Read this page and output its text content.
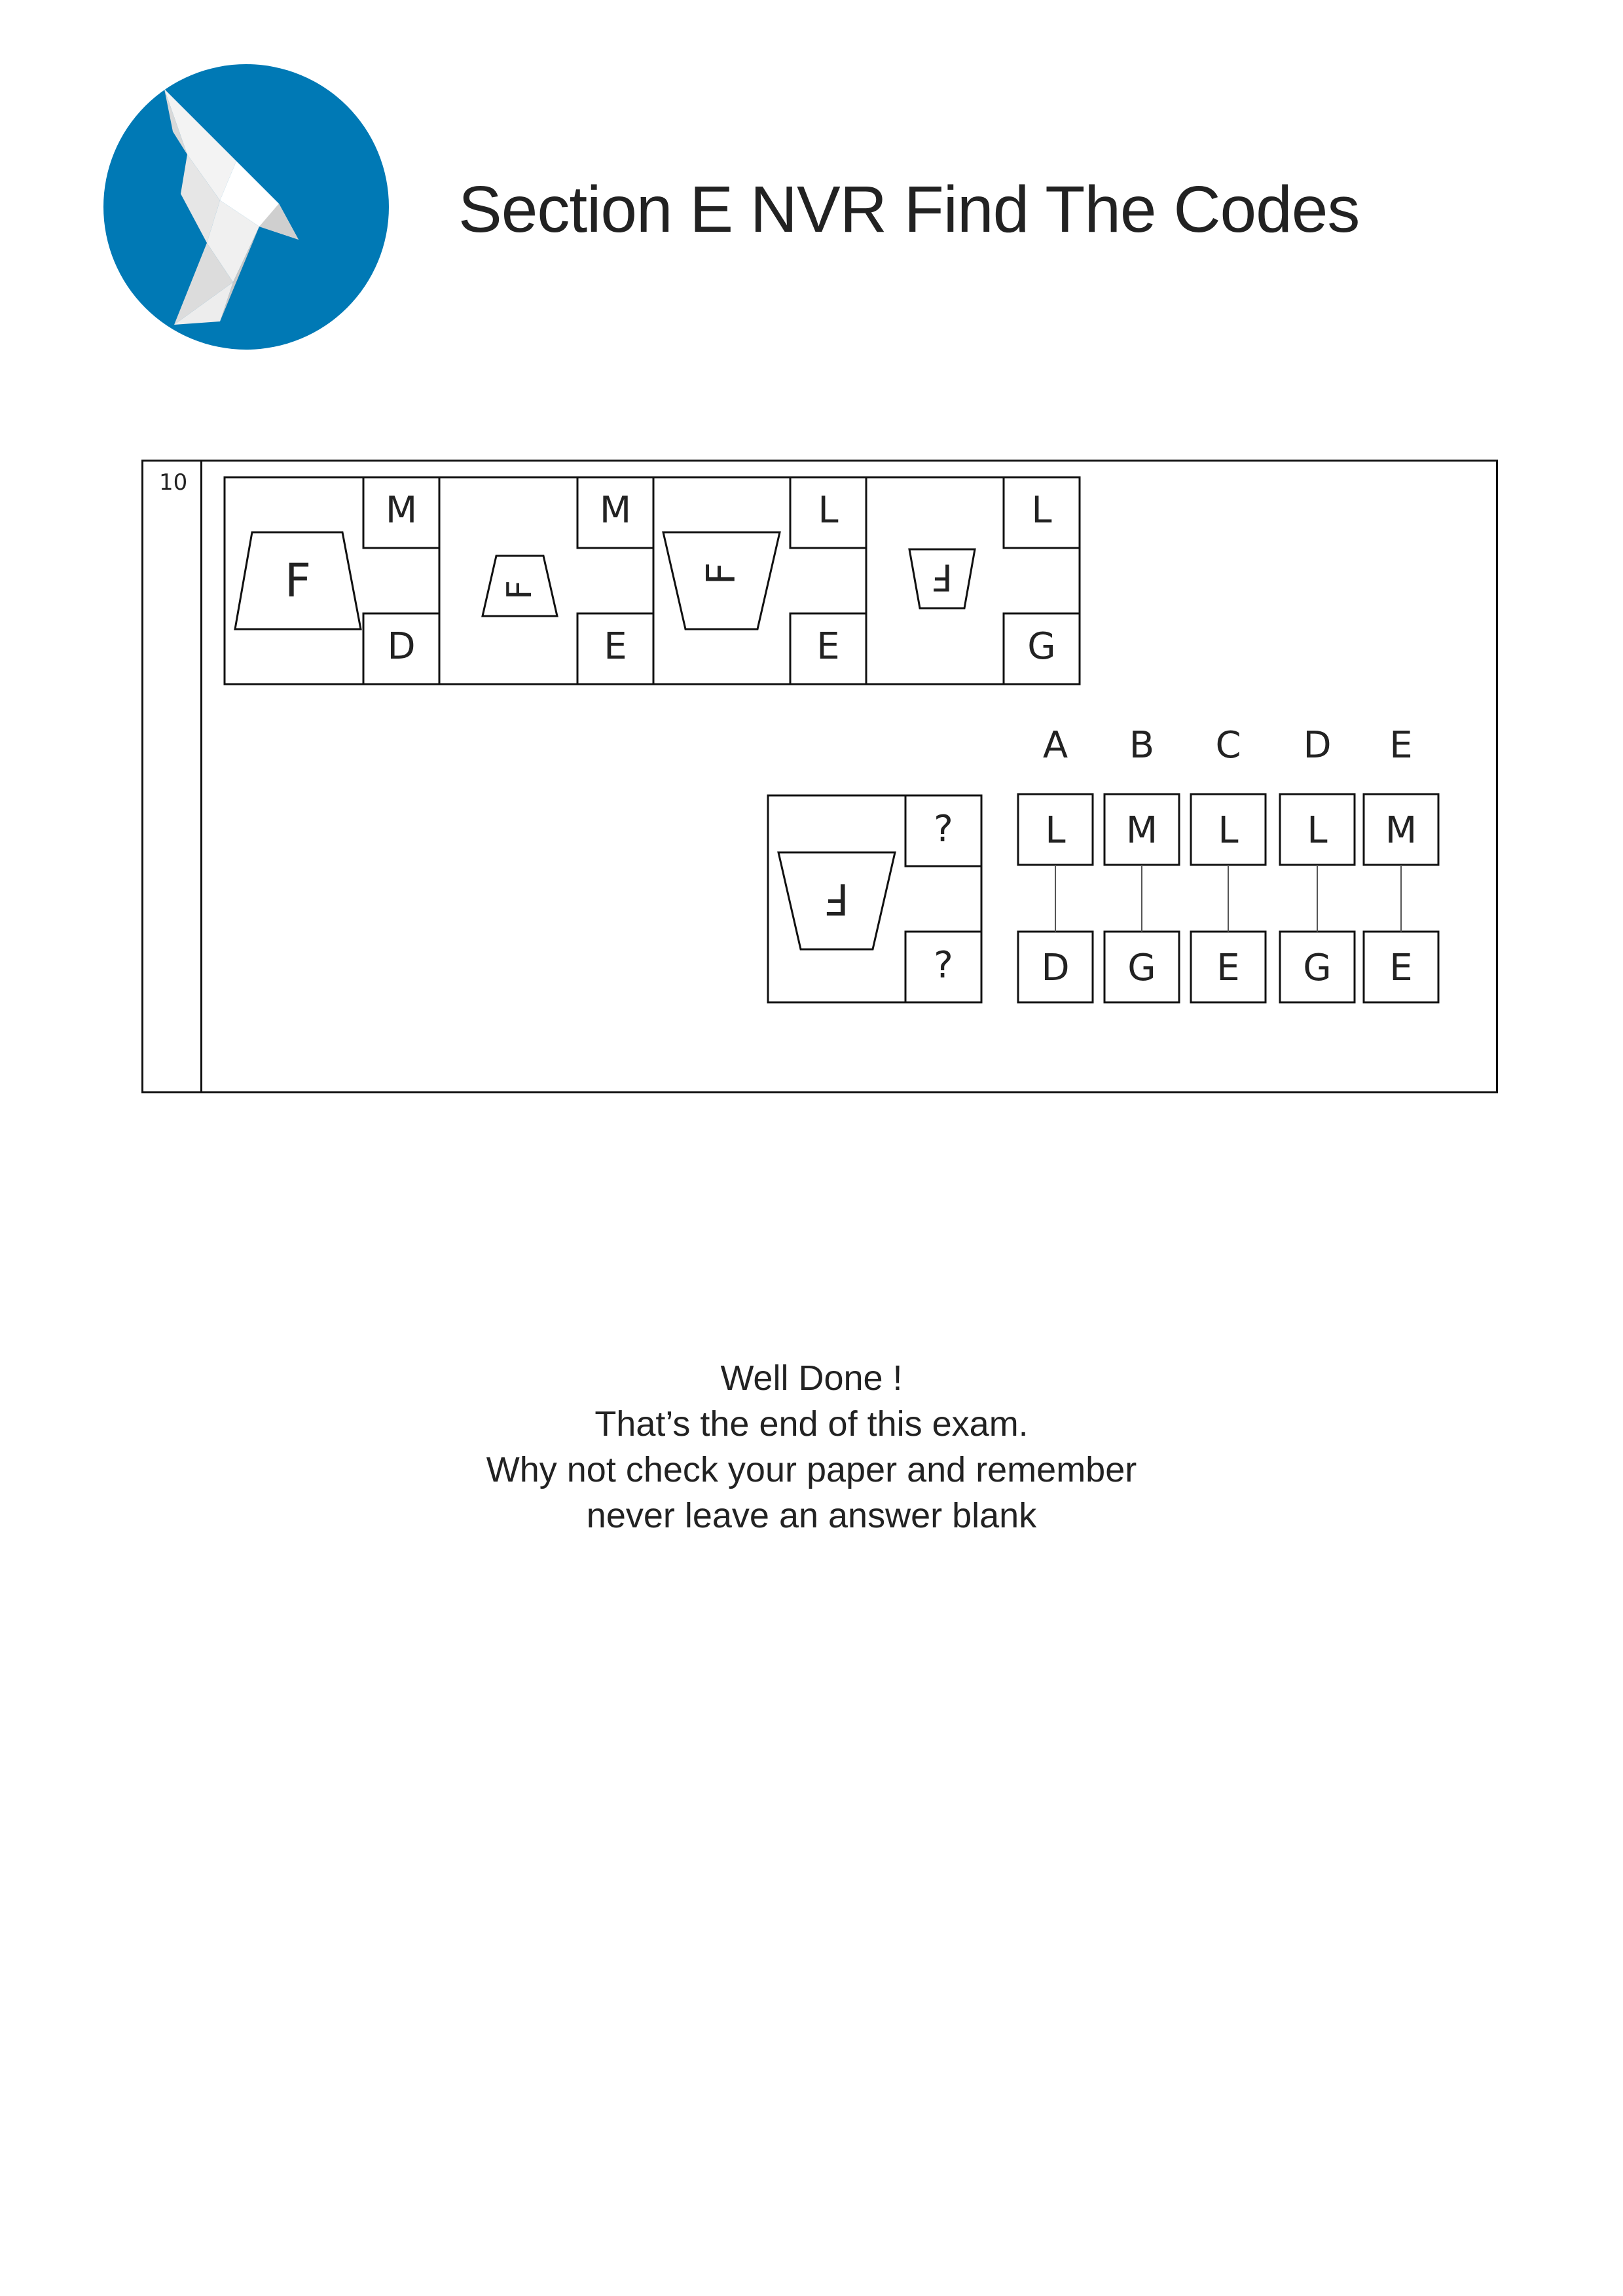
Section E NVR Find The Codes
10
M
D
F
M
E
F
L
E
F
L
G
F
?
?
F
A B C D E
L
D
M
G
L
E
L
G
M
E
Well Done !
That’s the end of this exam.
Why not check your paper and remember
never leave an answer blank
